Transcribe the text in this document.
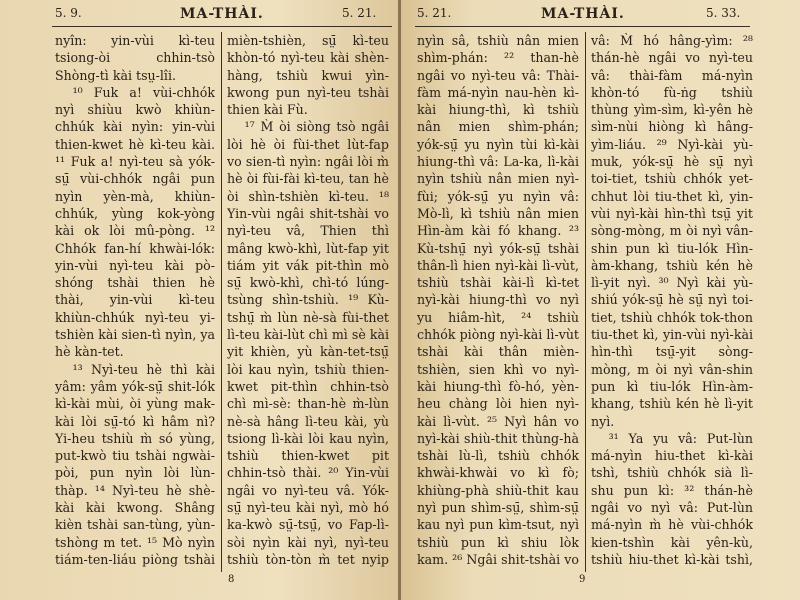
5. 9.	MA-THÀI.	5. 21.

nyîn: yin-vùi kì-teu tsiong-òi chhin-tsò Shòng-tì kài tsṳ-lîi.

¹⁰ Fuk a! vùi-chhók nyì shiùu kwò khiùn-chhúk kài nyìn: yin-vùi thien-kwet hè kì-teu kài. ¹¹ Fuk a! nyì-teu sà yók-sṳ̄ vùi-chhók ngâi pun nyìn yèn-mà, khiùn-chhúk, yùng kok-yòng kài ok lòi mû-pòng. ¹² Chhók fan-hí khwài-lók: yin-vùi nyì-teu kài pò-shóng tshài thien hè thài, yin-vùi kì-teu khiùn-chhúk nyì-teu yi-tshièn kài sien-tì nyìn, ya hè kàn-tet.

¹³ Nyì-teu hè thì kài yâm: yâm yók-sṳ̄ shit-lók kì-kài mùi, òi yùng mak-kài lòi sṳ̄-tó kì hâm nì? Yi-heu tshiù m̀ só yùng, put-kwò tiu tshài ngwài-pòi, pun nyìn lòi lùn-thàp. ¹⁴ Nyì-teu hè shè-kài kài kwong. Shâng kièn tshài san-tùng, yùn-tshòng m tet. ¹⁵ Mò nyìn tiám-ten-liáu piòng tshài

mièn-tshièn, sṳ̄ kì-teu khòn-tó nyì-teu kài shèn-hàng, tshiù kwui yìn-kwong pun nyì-teu tshài thien kài Fù.

¹⁷ M̀ òi siòng tsò ngâi lòi hè òi fùi-thet lùt-fap vo sien-tì nyìn: ngâi lòi m̀ hè òi fùi-fài kì-teu, tan hè òi shìn-tshièn kì-teu. ¹⁸ Yin-vùi ngâi shit-tshài vo nyì-teu vâ, Thien thì mâng kwò-khì, lùt-fap yit tiám yit vák pit-thìn mò sṳ̄ kwò-khì, chì-tó lúng-tsùng shìn-tshiù. ¹⁹ Kù-tshṳ̄ m̀ lùn nè-sà fùi-thet lì-teu kài-lùt chì mì sè kài yit khièn, yù kàn-tet-tsṳ̄ lòi kau nyìn, tshiù thien-kwet pit-thìn chhin-tsò chì mì-sè: than-hè m̀-lùn nè-sà hâng lì-teu kài, yù tsiong lì-kài lòi kau nyìn, tshiù thien-kwet pit chhin-tsò thài. ²⁰ Yin-vùi ngâi vo nyì-teu vâ. Yók-sṳ̄ nyì-teu kài nyì, mò hó ka-kwò sṳ̄-tsṳ̄, vo Fap-lì-sòi nyìn kài nyì, nyì-teu tshiù tòn-tòn m̀ tet nyip

8
5. 21.	MA-THÀI.	5. 33.

nyìn sâ, tshiù nân mien shìm-phán: ²² than-hè ngâi vo nyì-teu vâ: Thài-fàm má-nyìn nau-hèn kì-kài hiung-thì, kì tshiù nân mien shìm-phán; yók-sṳ̄ yu nyìn tùi kì-kài hiung-thì vâ: La-ka, lì-kài nyìn tshiù nân mien nyì-fùi; yók-sṳ̄ yu nyìn vâ: Mò-lì, kì tshiù nân mien Hìn-àm kài fó khang. ²³ Kù-tshṳ̄ nyì yók-sṳ̄ tshài thân-lì hien nyì-kài lì-vùt, tshiù tshài kài-lì kì-tet nyì-kài hiung-thì vo nyì yu hiâm-hìt, ²⁴ tshiù chhók piòng nyì-kài lì-vùt tshài kài thân mièn-tshièn, sien khì vo nyì-kài hiung-thì fò-hó, yèn-heu chàng lòi hien nyì-kài lì-vùt. ²⁵ Nyì hân vo nyì-kài shiù-thit thùng-hà tshài lù-lì, tshiù chhók khwài-khwài vo kì fò; khiùng-phà shiù-thit kau nyì pun shìm-sṳ̄, shìm-sṳ̄ kau nyì pun kìm-tsut, nyì tshiù pun kì shiu lòk kam. ²⁶ Ngâi shit-tshài vo

vâ: M̀ hó hâng-yìm: ²⁸ thán-hè ngâi vo nyì-teu vâ: thài-fàm má-nyìn khòn-tó fù-ṅg tshiù thùng yìm-sìm, kì-yên hè sìm-nùi hiòng kì hâng-yìm-liáu. ²⁹ Nyì-kài yù-muk, yók-sṳ̄ hè sṳ̄ nyì toi-tiet, tshiù chhók yet-chhut lòi tiu-thet kì, yin-vùi nyì-kài hìn-thì tsṳ̄ yit sòng-mòng, m òi nyì vân-shin pun kì tiu-lók Hìn-àm-khang, tshiù kén hè lì-yit nyì. ³⁰ Nyì kài yù-shiú yók-sṳ̄ hè sṳ̄ nyì toi-tiet, tshiù chhók tok-thon tiu-thet kì, yin-vùi nyì-kài hìn-thì tsṳ̄-yit sòng-mòng, m òi nyì vân-shin pun kì tiu-lók Hìn-àm-khang, tshiù kén hè lì-yit nyì.

³¹ Ya yu vâ: Put-lùn má-nyìn hiu-thet kì-kài tshì, tshiù chhók sià lì-shu pun kì: ³² thán-hè ngâi vo nyì vâ: Put-lùn má-nyìn m̀ hè vùi-chhók kien-tshìn kài yên-kù, tshiù hiu-thet kì-kài tshì,

9
